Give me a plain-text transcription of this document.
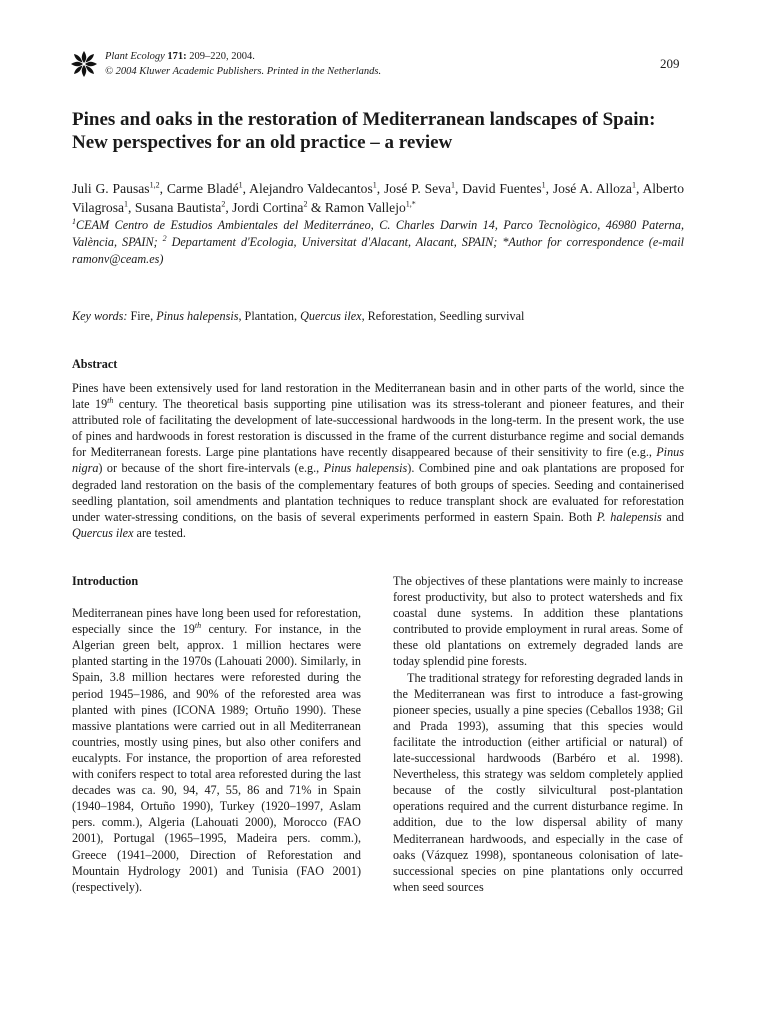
Plant Ecology 171: 209–220, 2004.
© 2004 Kluwer Academic Publishers. Printed in the Netherlands.
209
Pines and oaks in the restoration of Mediterranean landscapes of Spain:
New perspectives for an old practice – a review
Juli G. Pausas$^{1,2}$, Carme Bladé$^1$, Alejandro Valdecantos$^1$, José P. Seva$^1$, David Fuentes$^1$, José A. Alloza$^1$, Alberto Vilagrosa$^1$, Susana Bautista$^2$, Jordi Cortina$^2$ & Ramon Vallejo$^{1,*}$
$^1$CEAM Centro de Estudios Ambientales del Mediterráneo, C. Charles Darwin 14, Parco Tecnològico, 46980 Paterna, València, SPAIN; $^2$ Departament d'Ecologia, Universitat d'Alacant, Alacant, SPAIN; *Author for correspondence (e-mail ramonv@ceam.es)
Key words: Fire, Pinus halepensis, Plantation, Quercus ilex, Reforestation, Seedling survival
Abstract
Pines have been extensively used for land restoration in the Mediterranean basin and in other parts of the world, since the late 19th century. The theoretical basis supporting pine utilisation was its stress-tolerant and pioneer features, and their attributed role of facilitating the development of late-successional hardwoods in the long-term. In the present work, the use of pines and hardwoods in forest restoration is discussed in the frame of the current disturbance regime and social demands for Mediterranean forests. Large pine plantations have recently disappeared because of their sensitivity to fire (e.g., Pinus nigra) or because of the short fire-intervals (e.g., Pinus halepensis). Combined pine and oak plantations are proposed for degraded land restoration on the basis of the complementary features of both groups of species. Seeding and containerised seedling plantation, soil amendments and plantation techniques to reduce transplant shock are evaluated for reforestation under water-stressing conditions, on the basis of several experiments performed in eastern Spain. Both P. halepensis and Quercus ilex are tested.
Introduction

Mediterranean pines have long been used for reforestation, especially since the 19th century. For instance, in the Algerian green belt, approx. 1 million hectares were planted starting in the 1970s (Lahouati 2000). Similarly, in Spain, 3.8 million hectares were reforested during the period 1945–1986, and 90% of the reforested area was planted with pines (ICONA 1989; Ortuño 1990). These massive plantations were carried out in all Mediterranean countries, mostly using pines, but also other conifers and eucalypts. For instance, the proportion of area reforested with conifers respect to total area reforested during the last decades was ca. 90, 94, 47, 55, 86 and 71% in Spain (1940–1984, Ortuño 1990), Turkey (1920–1997, Aslam pers. comm.), Algeria (Lahouati 2000), Morocco (FAO 2001), Portugal (1965–1995, Madeira pers. comm.), Greece (1941–2000, Direction of Reforestation and Mountain Hydrology 2001) and Tunisia (FAO 2001) (respectively).

The objectives of these plantations were mainly to increase forest productivity, but also to protect watersheds and fix coastal dune systems. In addition these plantations contributed to provide employment in rural areas. Some of these old plantations on extremely degraded lands are today splendid pine forests.

The traditional strategy for reforesting degraded lands in the Mediterranean was first to introduce a fast-growing pioneer species, usually a pine species (Ceballos 1938; Gil and Prada 1993), assuming that this species would facilitate the introduction (either artificial or natural) of late-successional hardwoods (Barbéro et al. 1998). Nevertheless, this strategy was seldom completely applied because of the costly silvicultural post-plantation operations required and the current disturbance regime. In addition, due to the low dispersal ability of many Mediterranean hardwoods, and especially in the case of oaks (Vázquez 1998), spontaneous colonisation of late-successional species on pine plantations only occurred when seed sources
